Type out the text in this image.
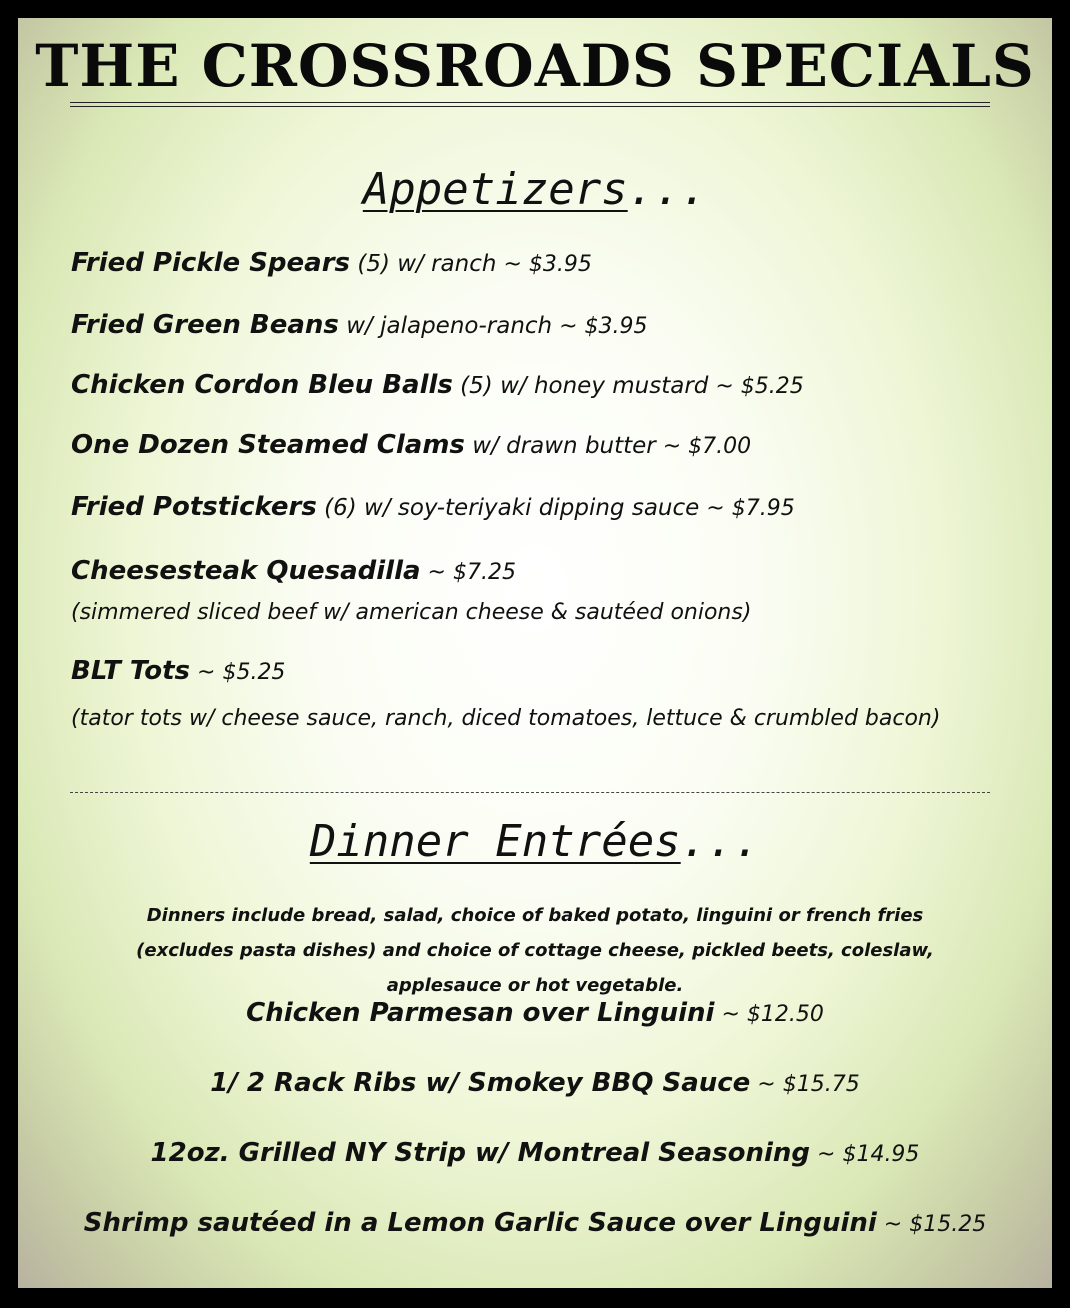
THE CROSSROADS SPECIALS
Appetizers...
Fried Pickle Spears (5) w/ ranch ~ $3.95
Fried Green Beans w/ jalapeno-ranch ~ $3.95
Chicken Cordon Bleu Balls (5) w/ honey mustard ~ $5.25
One Dozen Steamed Clams w/ drawn butter ~ $7.00
Fried Potstickers (6) w/ soy-teriyaki dipping sauce ~ $7.95
Cheesesteak Quesadilla ~ $7.25
(simmered sliced beef w/ american cheese & sautéed onions)
BLT Tots ~ $5.25
(tator tots w/ cheese sauce, ranch, diced tomatoes, lettuce & crumbled bacon)
Dinner Entrées...
Dinners include bread, salad, choice of baked potato, linguini or french fries (excludes pasta dishes) and choice of cottage cheese, pickled beets, coleslaw, applesauce or hot vegetable.
Chicken Parmesan over Linguini ~ $12.50
1/ 2 Rack Ribs w/ Smokey BBQ Sauce ~ $15.75
12oz. Grilled NY Strip w/ Montreal Seasoning ~ $14.95
Shrimp sautéed in a Lemon Garlic Sauce over Linguini ~ $15.25
